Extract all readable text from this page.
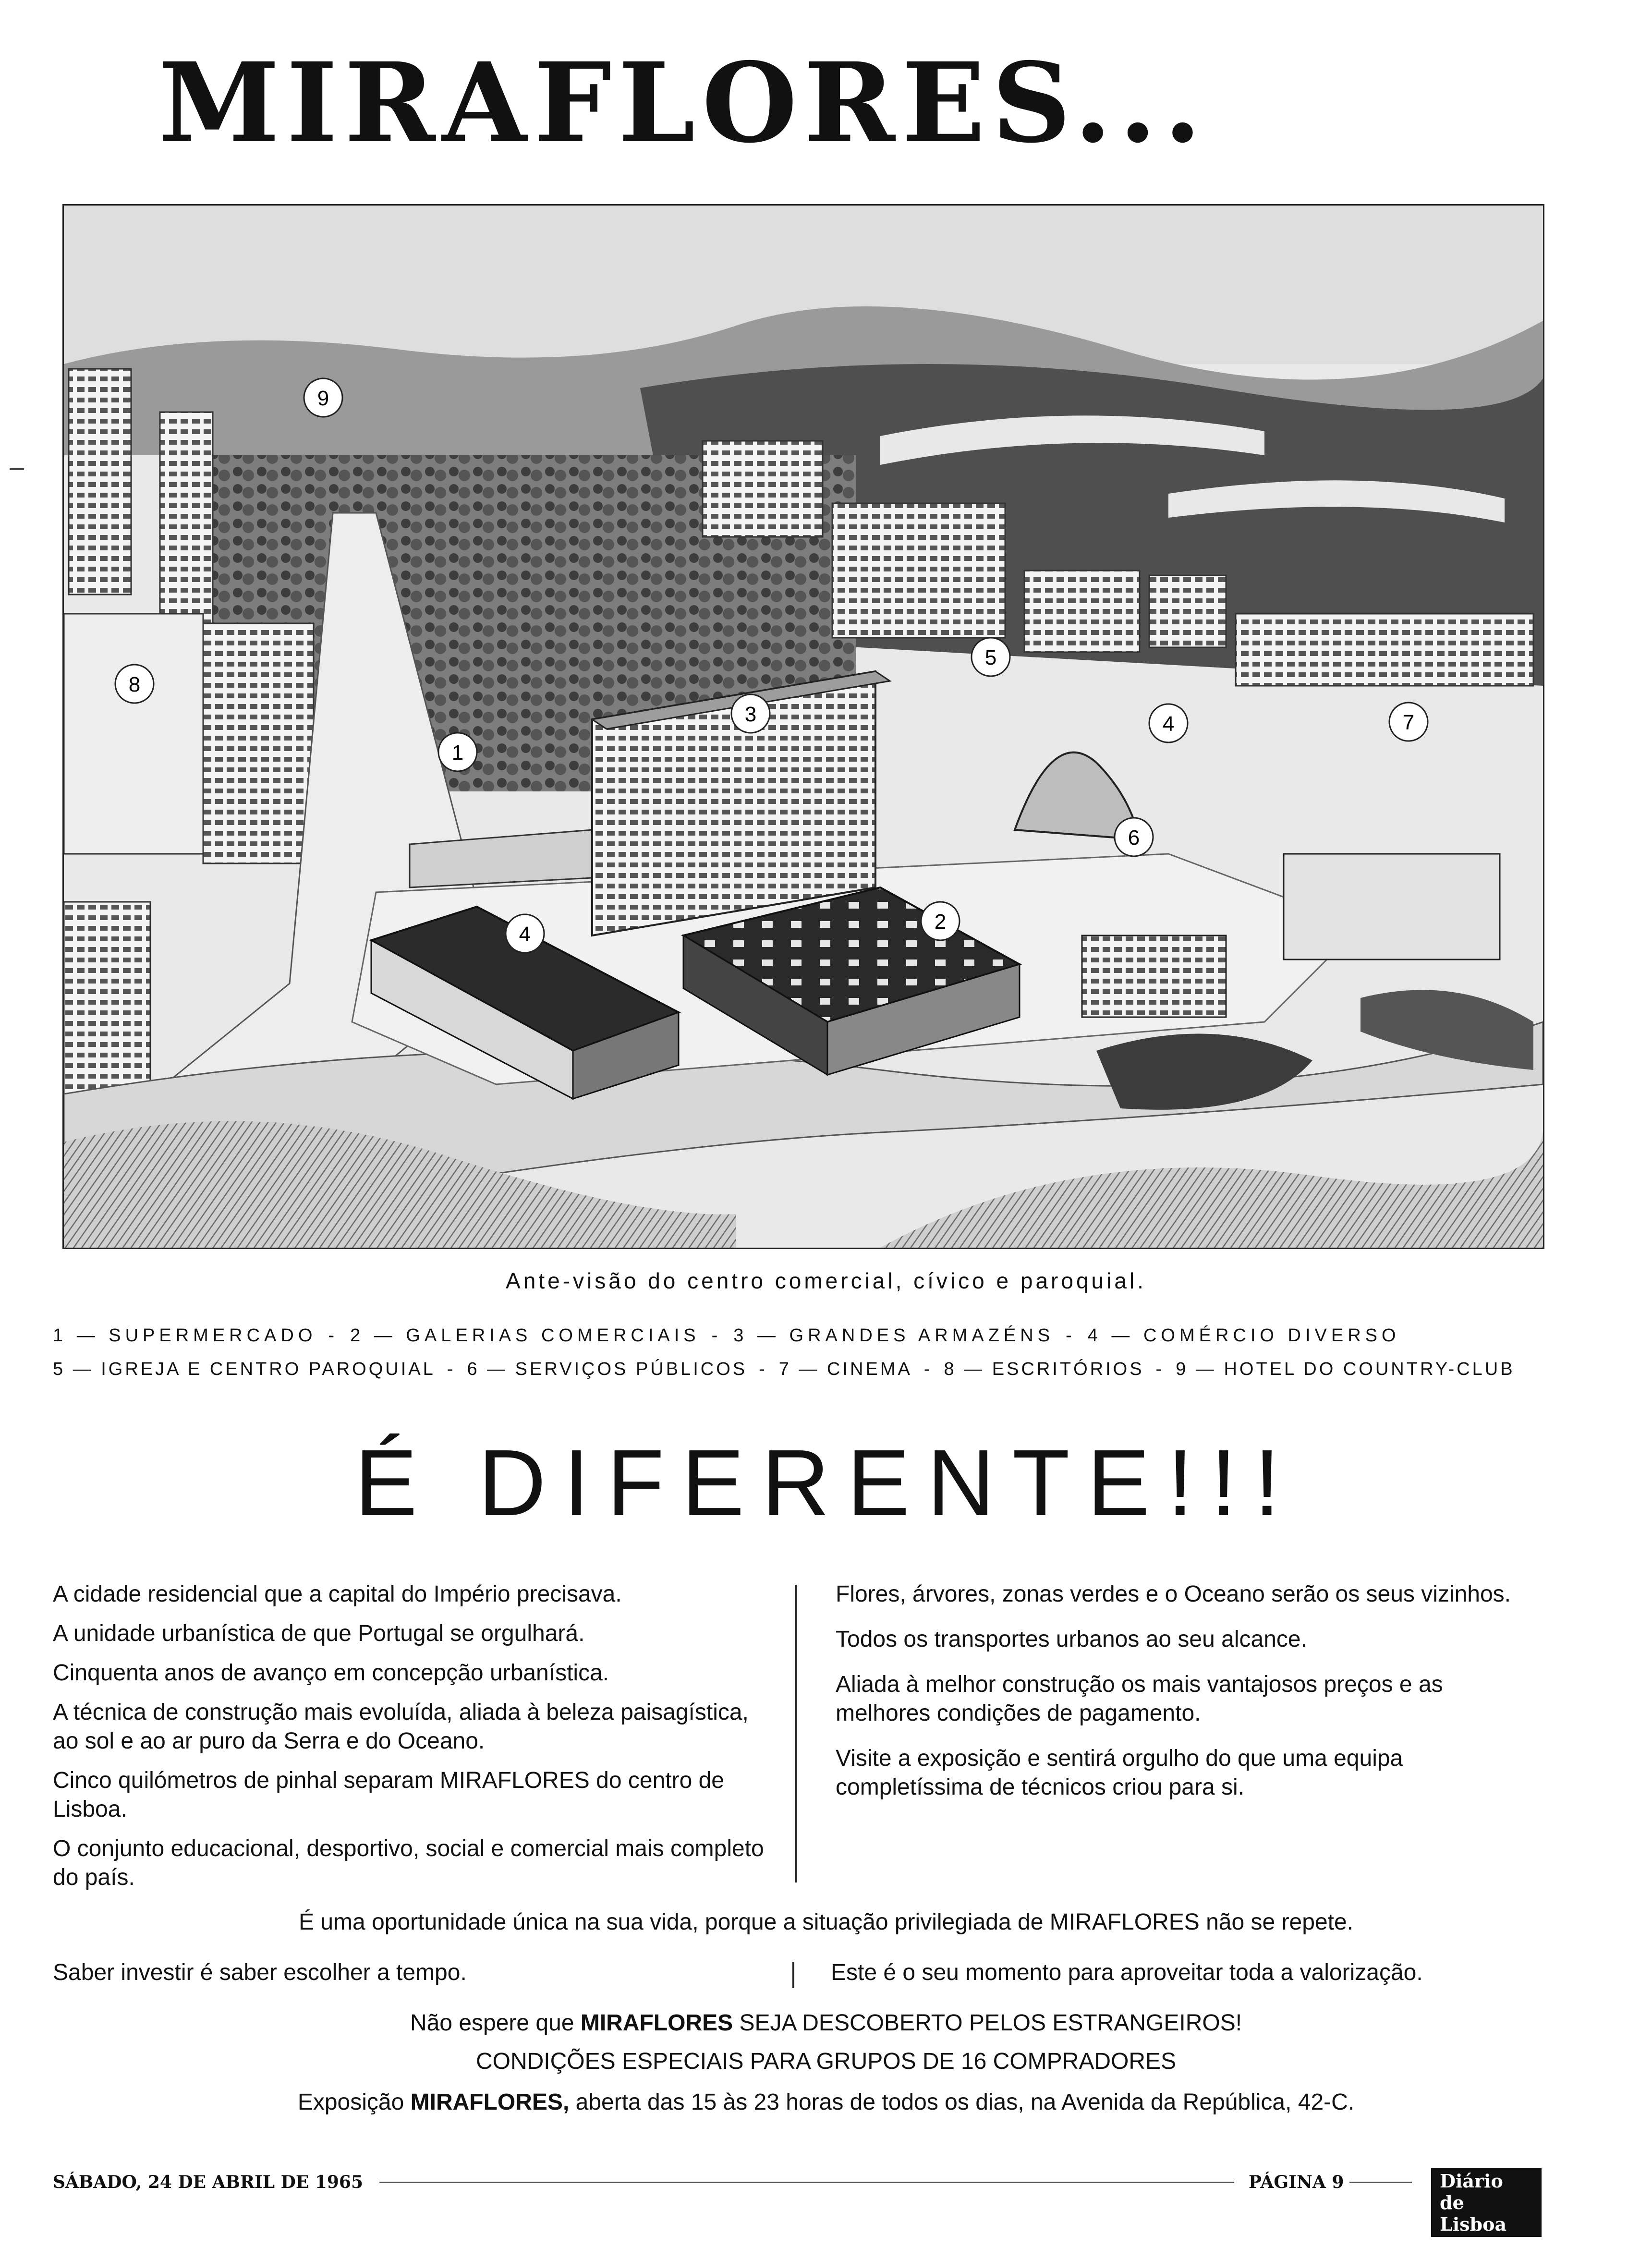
MIRAFLORES...
9
8
1
3
5
4	7
6
4
2
Ante-visão do centro comercial, cívico e paroquial.
1 — SUPERMERCADO - 2 — GALERIAS COMERCIAIS - 3 — GRANDES ARMAZÉNS - 4 — COMÉRCIO DIVERSO
5 — IGREJA E CENTRO PAROQUIAL - 6 — SERVIÇOS PÚBLICOS - 7 — CINEMA - 8 — ESCRITÓRIOS - 9 — HOTEL DO COUNTRY-CLUB
É DIFERENTE!!!

A cidade residencial que a capital do Império precisava.

A unidade urbanística de que Portugal se orgulhará.

Cinquenta anos de avanço em concepção urbanística.

A técnica de construção mais evoluída, aliada à beleza paisagística, ao sol e ao ar puro da Serra e do Oceano.

Cinco quilómetros de pinhal separam MIRAFLORES do centro de Lisboa.

O conjunto educacional, desportivo, social e comercial mais completo do país.

Flores, árvores, zonas verdes e o Oceano serão os seus vizinhos.

Todos os transportes urbanos ao seu alcance.

Aliada à melhor construção os mais vantajosos preços e as melhores condições de pagamento.

Visite a exposição e sentirá orgulho do que uma equipa completíssima de técnicos criou para si.

É uma oportunidade única na sua vida, porque a situação privilegiada de MIRAFLORES não se repete.
Saber investir é saber escolher a tempo.	Este é o seu momento para aproveitar toda a valorização.
Não espere que MIRAFLORES SEJA DESCOBERTO PELOS ESTRANGEIROS!
CONDIÇÕES ESPECIAIS PARA GRUPOS DE 16 COMPRADORES
Exposição MIRAFLORES, aberta das 15 às 23 horas de todos os dias, na Avenida da República, 42-C.
SÁBADO, 24 DE ABRIL DE 1965	PÁGINA 9	Diário de Lisboa
